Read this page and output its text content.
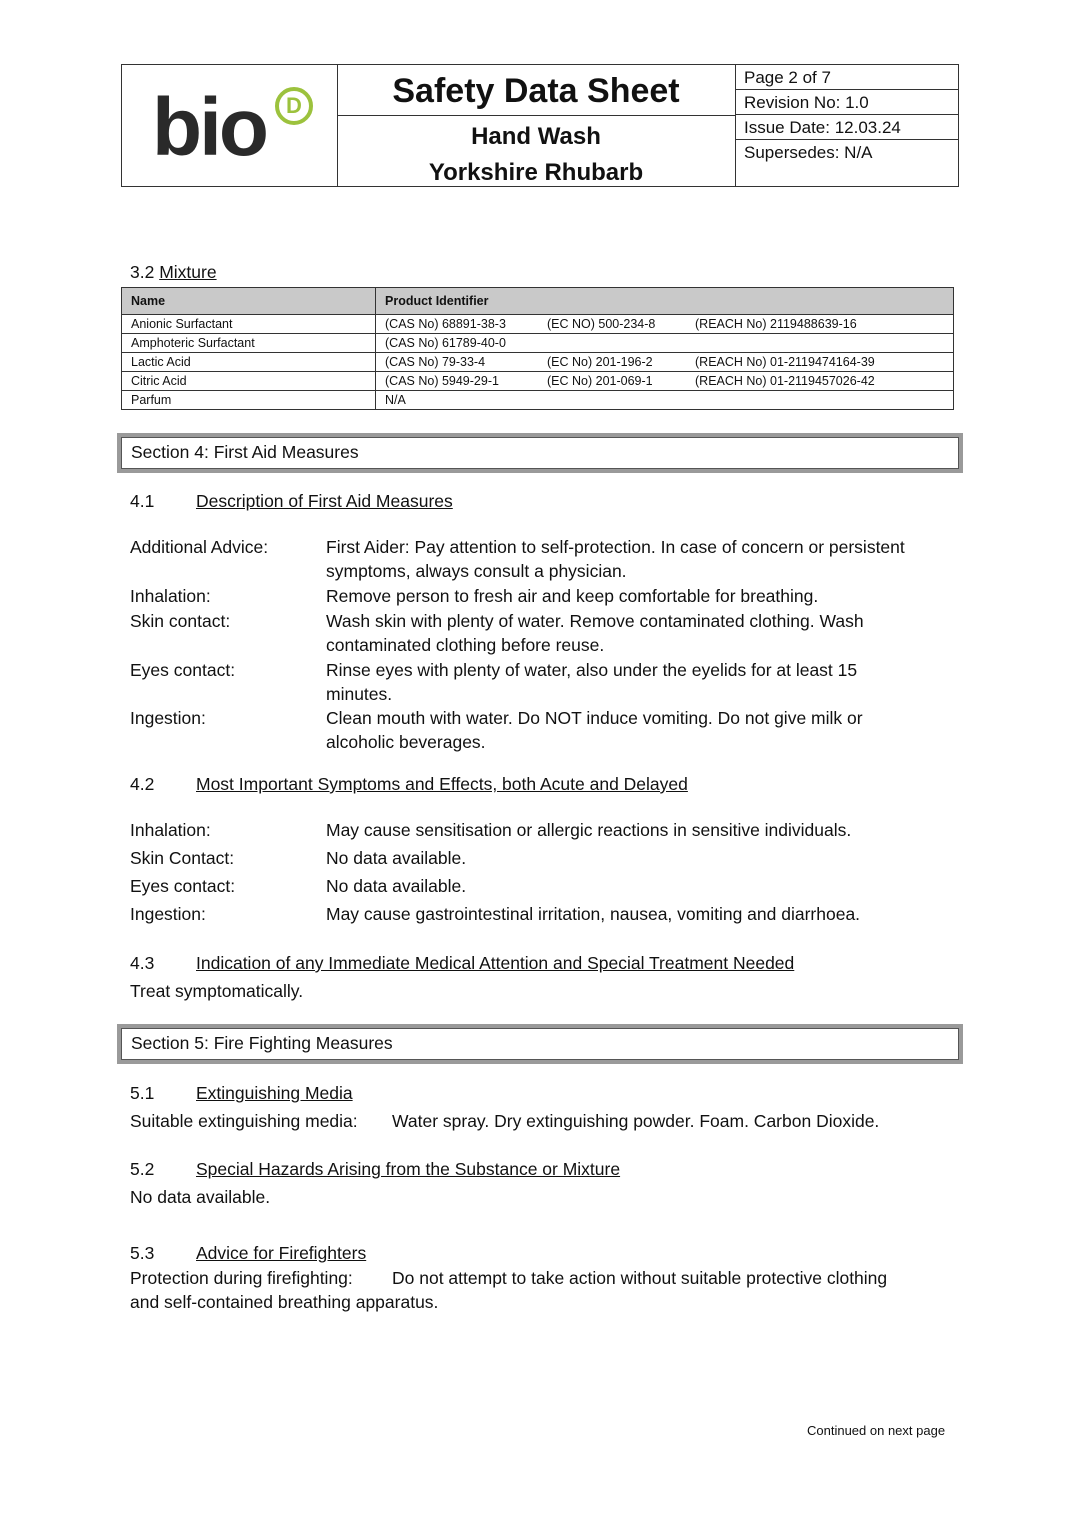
bio D	Safety Data Sheet
Hand Wash
Yorkshire Rhubarb
Page 2 of 7
Revision No: 1.0
Issue Date: 12.03.24
Supersedes: N/A
3.2 Mixture
Name	Product Identifier
Anionic Surfactant	(CAS No) 68891-38-3 (EC NO) 500-234-8 (REACH No) 2119488639-16
Amphoteric Surfactant	(CAS No) 61789-40-0
Lactic Acid	(CAS No) 79-33-4 (EC No) 201-196-2 (REACH No) 01-2119474164-39
Citric Acid	(CAS No) 5949-29-1 (EC No) 201-069-1 (REACH No) 01-2119457026-42
Parfum	N/A
Section 4: First Aid Measures
4.1 Description of First Aid Measures
Additional Advice:	First Aider: Pay attention to self-protection. In case of concern or persistent
symptoms, always consult a physician.
Inhalation:	Remove person to fresh air and keep comfortable for breathing.
Skin contact:	Wash skin with plenty of water. Remove contaminated clothing. Wash
contaminated clothing before reuse.
Eyes contact:	Rinse eyes with plenty of water, also under the eyelids for at least 15
minutes.
Ingestion:	Clean mouth with water. Do NOT induce vomiting. Do not give milk or
alcoholic beverages.
4.2 Most Important Symptoms and Effects, both Acute and Delayed
Inhalation:	May cause sensitisation or allergic reactions in sensitive individuals.
Skin Contact:	No data available.
Eyes contact:	No data available.
Ingestion:	May cause gastrointestinal irritation, nausea, vomiting and diarrhoea.
4.3 Indication of any Immediate Medical Attention and Special Treatment Needed
Treat symptomatically.
Section 5: Fire Fighting Measures
5.1 Extinguishing Media
Suitable extinguishing media: Water spray. Dry extinguishing powder. Foam. Carbon Dioxide.
5.2 Special Hazards Arising from the Substance or Mixture
No data available.
5.3 Advice for Firefighters
Protection during firefighting: Do not attempt to take action without suitable protective clothing
and self-contained breathing apparatus.
Continued on next page
